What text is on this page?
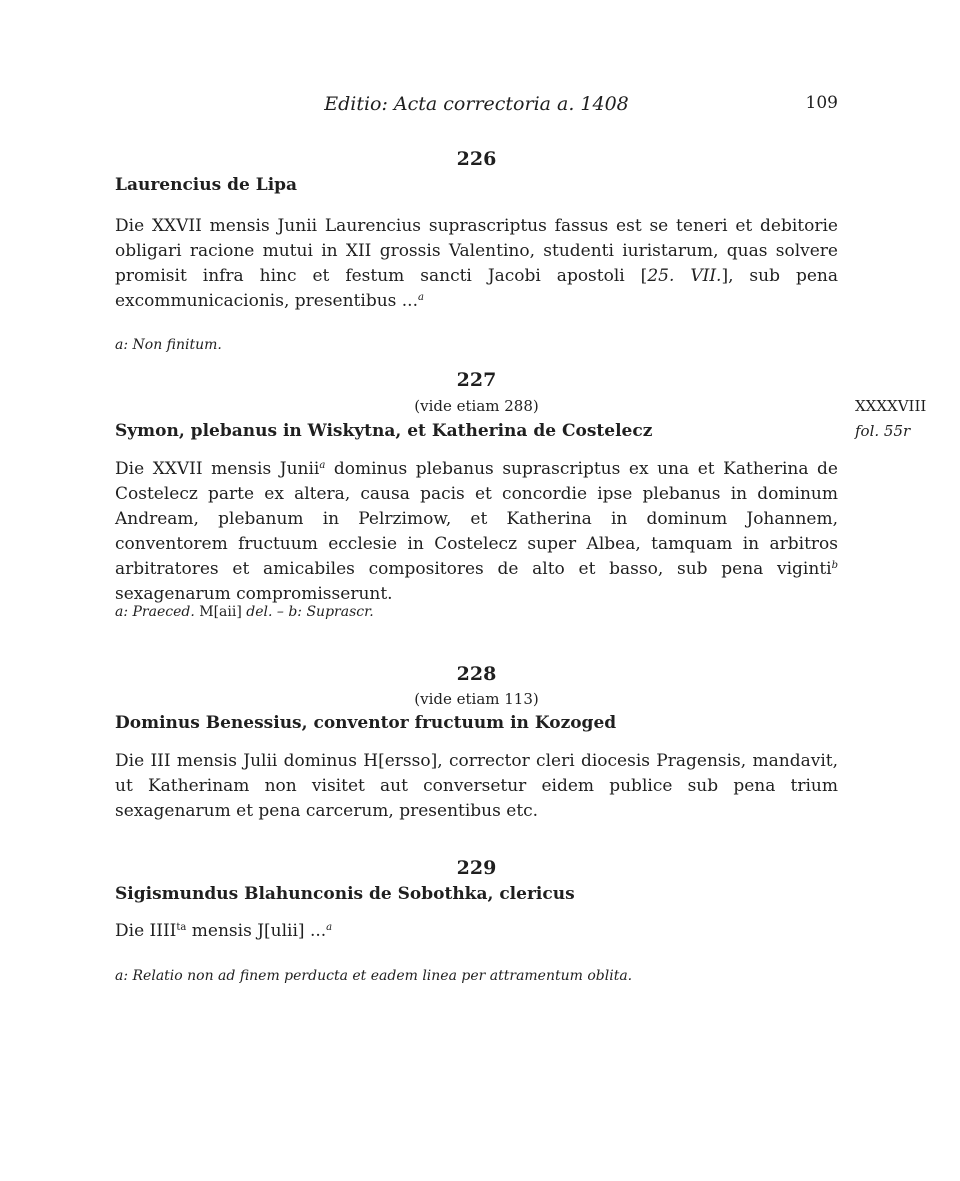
Editio: Acta correctoria a. 1408	109
226
Laurencius de Lipa
Die XXVII mensis Junii Laurencius suprascriptus fassus est se teneri et debitorie obligari racione mutui in XII grossis Valentino, studenti iuristarum, quas solvere promisit infra hinc et festum sancti Jacobi apostoli [25. VII.], sub pena excommunicacionis, presentibus ...$^a$
a: Non finitum.
227
(vide etiam 288)
Symon, plebanus in Wiskytna, et Katherina de Costelecz
XXXXVIII
fol. 55r
Die XXVII mensis Junii$^a$ dominus plebanus suprascriptus ex una et Katherina de Costelecz parte ex altera, causa pacis et concordie ipse plebanus in dominum Andream, plebanum in Pelrzimow, et Katherina in dominum Johannem, conventorem fructuum ecclesie in Costelecz super Albea, tamquam in arbitros arbitratores et amicabiles compositores de alto et basso, sub pena viginti$^b$ sexagenarum compromisserunt.
a: Praeced. M[aii] del. – b: Suprascr.
228
(vide etiam 113)
Dominus Benessius, conventor fructuum in Kozoged
Die III mensis Julii dominus H[ersso], corrector cleri diocesis Pragensis, mandavit, ut Katherinam non visitet aut conversetur eidem publice sub pena trium sexagenarum et pena carcerum, presentibus etc.
229
Sigismundus Blahunconis de Sobothka, clericus
Die $IIII^{ta}$ mensis J[ulii] ...$^a$
a: Relatio non ad finem perducta et eadem linea per attramentum oblita.
